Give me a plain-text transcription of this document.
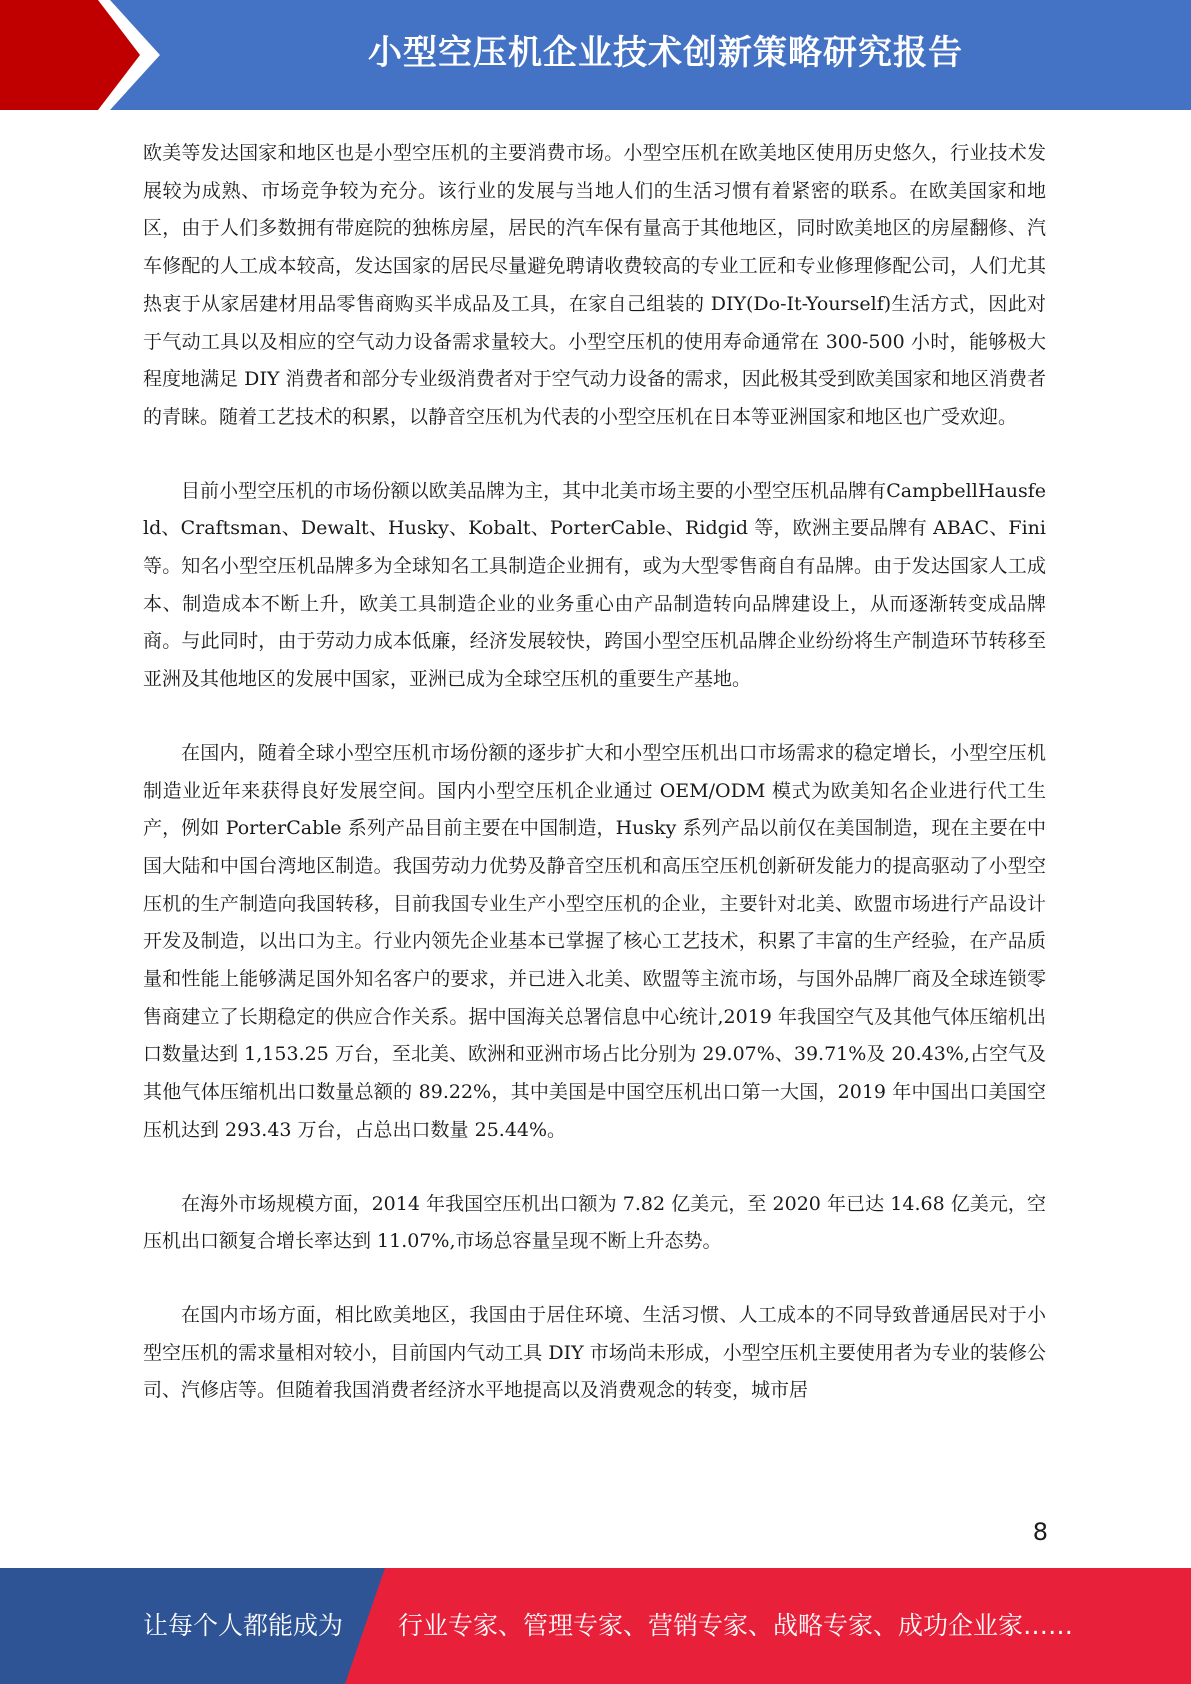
小型空压机企业技术创新策略研究报告

欧美等发达国家和地区也是小型空压机的主要消费市场。小型空压机在欧美地区使用历史悠久，行业技术发展较为成熟、市场竞争较为充分。该行业的发展与当地人们的生活习惯有着紧密的联系。在欧美国家和地区，由于人们多数拥有带庭院的独栋房屋，居民的汽车保有量高于其他地区，同时欧美地区的房屋翻修、汽车修配的人工成本较高，发达国家的居民尽量避免聘请收费较高的专业工匠和专业修理修配公司，人们尤其热衷于从家居建材用品零售商购买半成品及工具，在家自己组装的 DIY(Do-It-Yourself)生活方式，因此对于气动工具以及相应的空气动力设备需求量较大。小型空压机的使用寿命通常在 300-500 小时，能够极大程度地满足 DIY 消费者和部分专业级消费者对于空气动力设备的需求，因此极其受到欧美国家和地区消费者的青睐。随着工艺技术的积累，以静音空压机为代表的小型空压机在日本等亚洲国家和地区也广受欢迎。

目前小型空压机的市场份额以欧美品牌为主，其中北美市场主要的小型空压机品牌有CampbellHausfeld、Craftsman、Dewalt、Husky、Kobalt、PorterCable、Ridgid 等，欧洲主要品牌有 ABAC、Fini 等。知名小型空压机品牌多为全球知名工具制造企业拥有，或为大型零售商自有品牌。由于发达国家人工成本、制造成本不断上升，欧美工具制造企业的业务重心由产品制造转向品牌建设上，从而逐渐转变成品牌商。与此同时，由于劳动力成本低廉，经济发展较快，跨国小型空压机品牌企业纷纷将生产制造环节转移至亚洲及其他地区的发展中国家，亚洲已成为全球空压机的重要生产基地。

在国内，随着全球小型空压机市场份额的逐步扩大和小型空压机出口市场需求的稳定增长，小型空压机制造业近年来获得良好发展空间。国内小型空压机企业通过 OEM/ODM 模式为欧美知名企业进行代工生产，例如 PorterCable 系列产品目前主要在中国制造，Husky 系列产品以前仅在美国制造，现在主要在中国大陆和中国台湾地区制造。我国劳动力优势及静音空压机和高压空压机创新研发能力的提高驱动了小型空压机的生产制造向我国转移，目前我国专业生产小型空压机的企业，主要针对北美、欧盟市场进行产品设计开发及制造，以出口为主。行业内领先企业基本已掌握了核心工艺技术，积累了丰富的生产经验，在产品质量和性能上能够满足国外知名客户的要求，并已进入北美、欧盟等主流市场，与国外品牌厂商及全球连锁零售商建立了长期稳定的供应合作关系。据中国海关总署信息中心统计,2019 年我国空气及其他气体压缩机出口数量达到 1,153.25 万台，至北美、欧洲和亚洲市场占比分别为 29.07%、39.71%及 20.43%,占空气及其他气体压缩机出口数量总额的 89.22%，其中美国是中国空压机出口第一大国，2019 年中国出口美国空压机达到 293.43 万台，占总出口数量 25.44%。

在海外市场规模方面，2014 年我国空压机出口额为 7.82 亿美元，至 2020 年已达 14.68 亿美元，空压机出口额复合增长率达到 11.07%,市场总容量呈现不断上升态势。

在国内市场方面，相比欧美地区，我国由于居住环境、生活习惯、人工成本的不同导致普通居民对于小型空压机的需求量相对较小，目前国内气动工具 DIY 市场尚未形成，小型空压机主要使用者为专业的装修公司、汽修店等。但随着我国消费者经济水平地提高以及消费观念的转变，城市居

8
让每个人都能成为 行业专家、管理专家、营销专家、战略专家、成功企业家……
